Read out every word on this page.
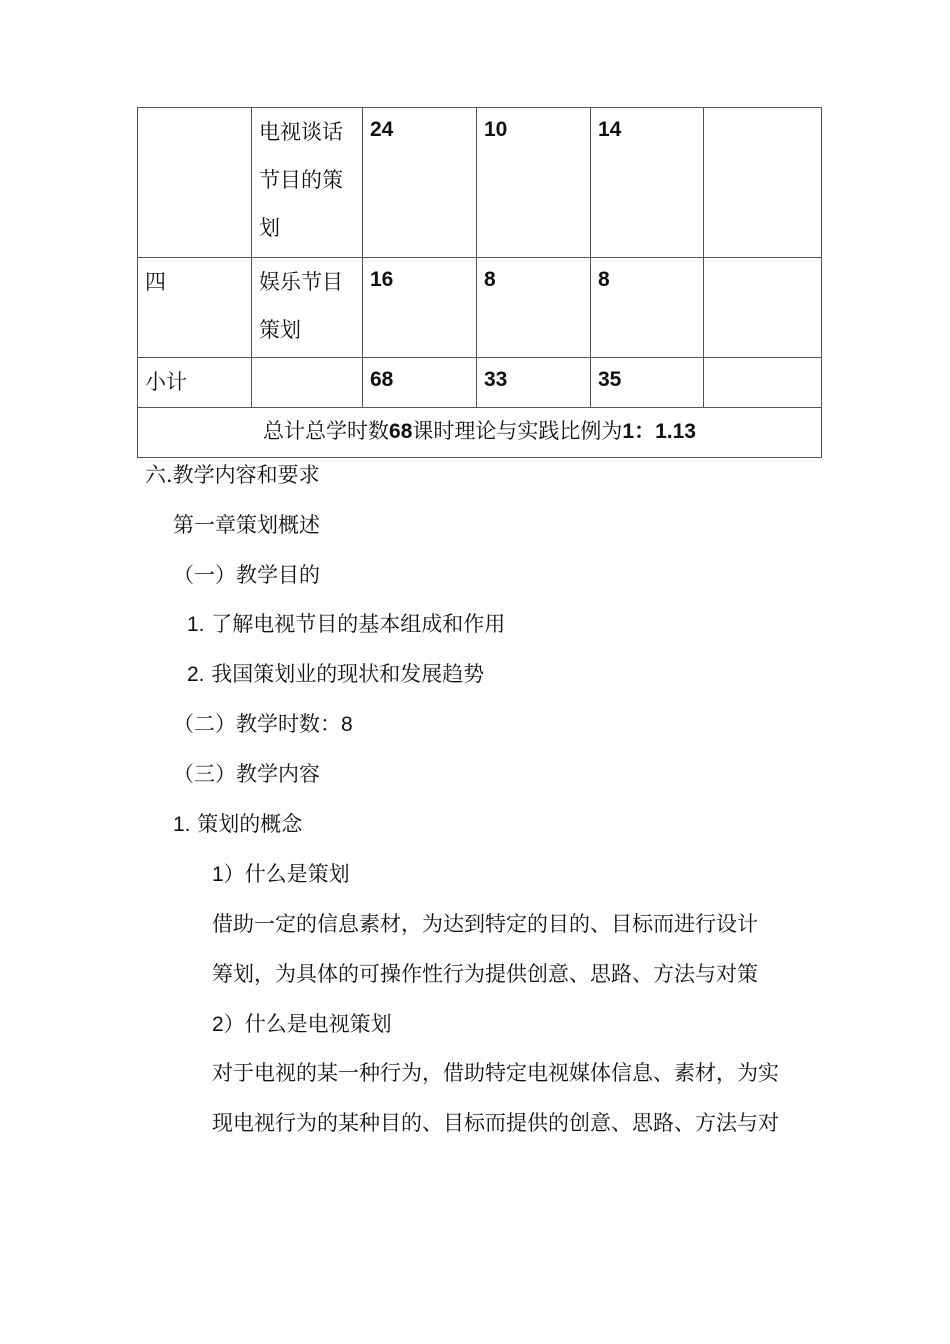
	电视谈话节目的策划	24	10	14	
四	娱乐节目策划	16	8	8	
小计		68	33	35	
总计总学时数68课时理论与实践比例为1：1.13					
六.教学内容和要求
第一章策划概述
（一）教学目的
1. 了解电视节目的基本组成和作用
2. 我国策划业的现状和发展趋势
（二）教学时数：8
（三）教学内容
1. 策划的概念
1）什么是策划
借助一定的信息素材，为达到特定的目的、目标而进行设计
筹划，为具体的可操作性行为提供创意、思路、方法与对策
2）什么是电视策划
对于电视的某一种行为，借助特定电视媒体信息、素材，为实
现电视行为的某种目的、目标而提供的创意、思路、方法与对
